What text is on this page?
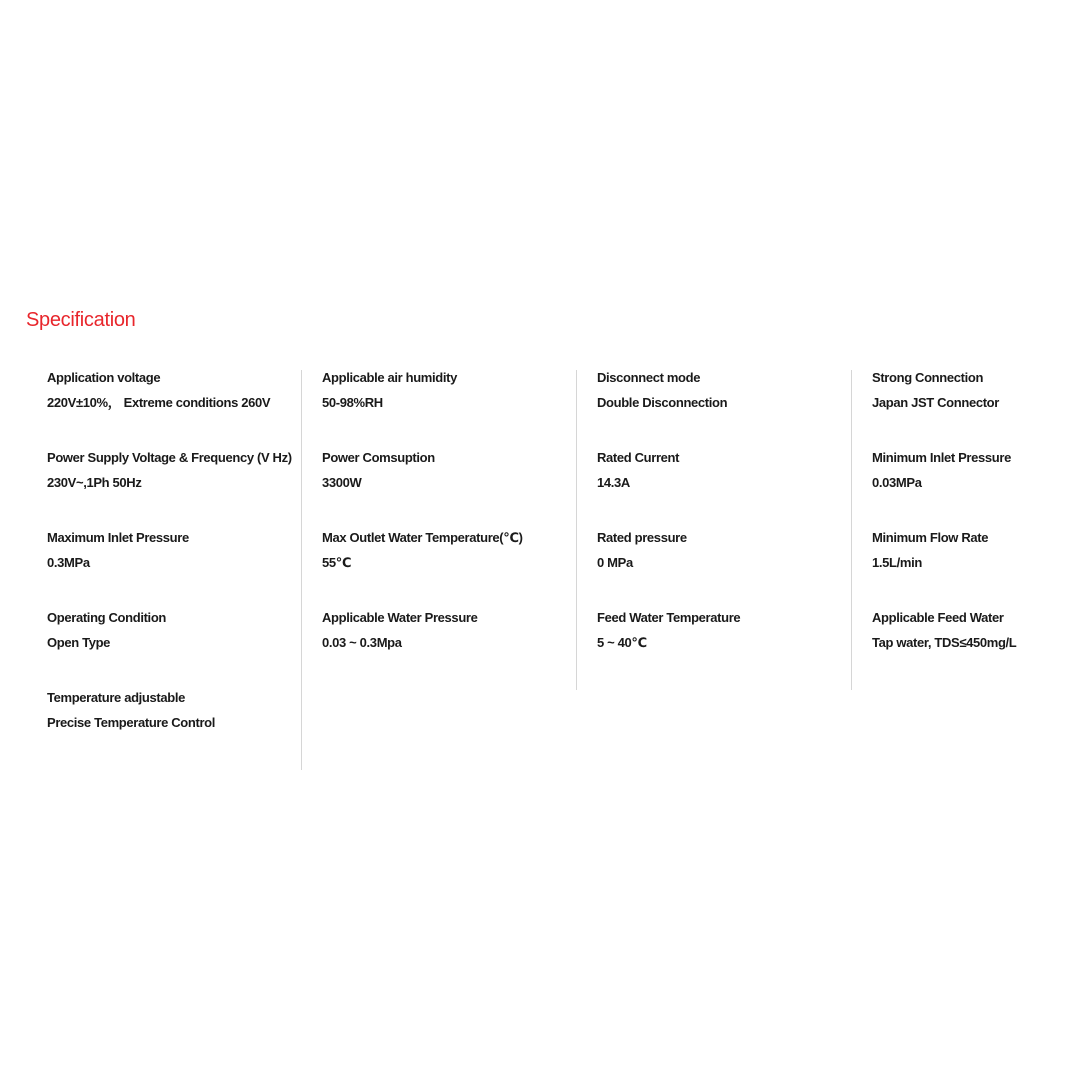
Specification
Application voltage
220V±10%， Extreme conditions 260V
Power Supply Voltage & Frequency (V Hz)
230V~,1Ph 50Hz
Maximum Inlet Pressure
0.3MPa
Operating Condition
Open Type
Temperature adjustable
Precise Temperature Control
Applicable air humidity
50-98%RH
Power Comsuption
3300W
Max Outlet Water Temperature(℃)
55℃
Applicable Water Pressure
0.03 ~ 0.3Mpa
Disconnect mode
Double Disconnection
Rated Current
14.3A
Rated pressure
0 MPa
Feed Water Temperature
5 ~ 40℃
Strong Connection
Japan JST Connector
Minimum Inlet Pressure
0.03MPa
Minimum Flow Rate
1.5L/min
Applicable Feed Water
Tap water, TDS≤450mg/L
